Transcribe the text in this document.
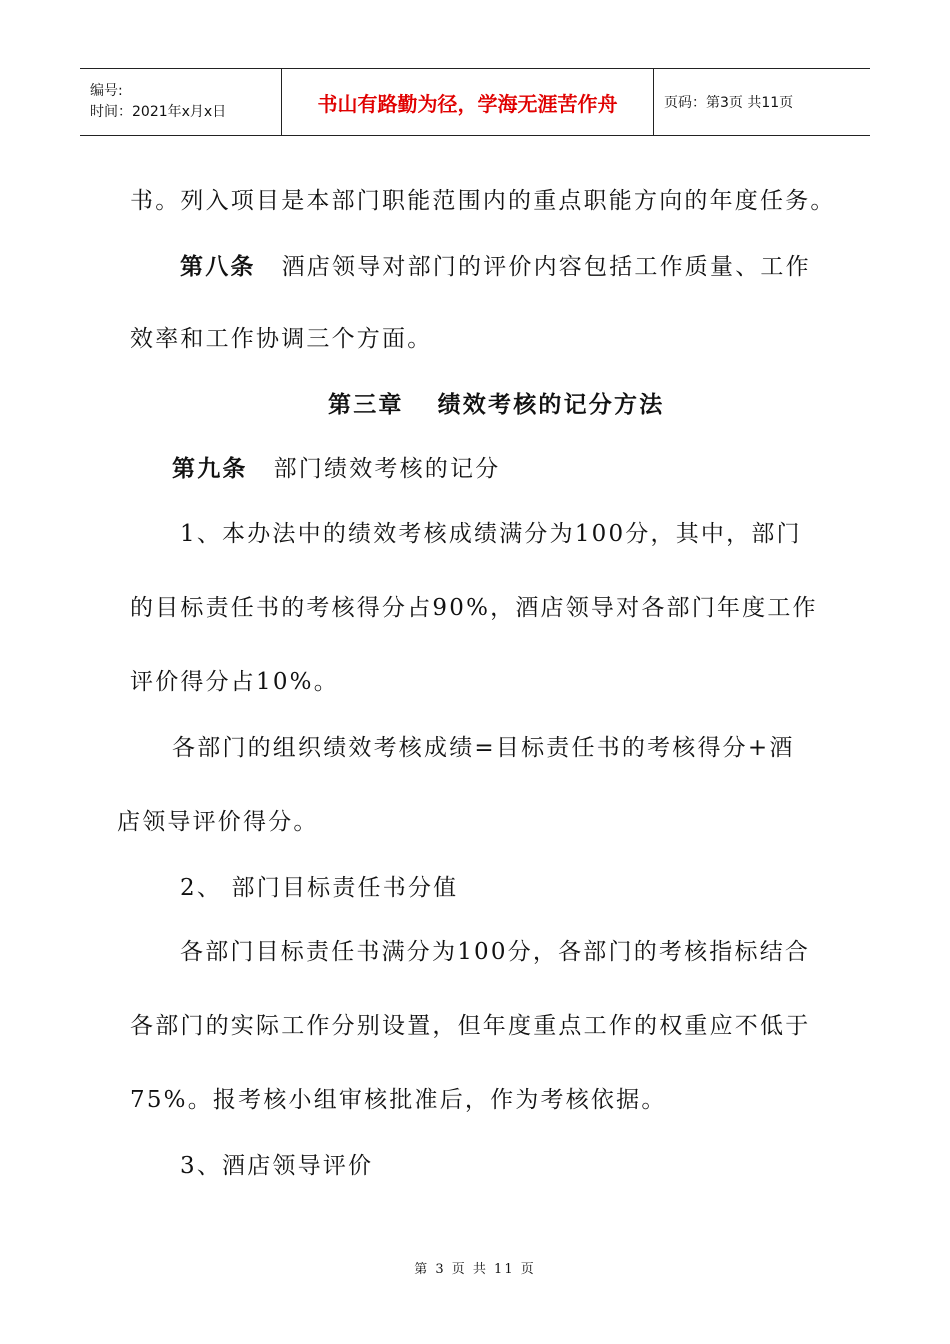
编号:
时间：2021年x月x日	书山有路勤为径，学海无涯苦作舟	页码：第3页 共11页
书。列入项目是本部门职能范围内的重点职能方向的年度任务。
第八条 酒店领导对部门的评价内容包括工作质量、工作
效率和工作协调三个方面。
第三章 绩效考核的记分方法
第九条 部门绩效考核的记分
1、本办法中的绩效考核成绩满分为100分，其中，部门
的目标责任书的考核得分占90%，酒店领导对各部门年度工作
评价得分占10%。
各部门的组织绩效考核成绩=目标责任书的考核得分+酒
店领导评价得分。
2、 部门目标责任书分值
各部门目标责任书满分为100分，各部门的考核指标结合
各部门的实际工作分别设置，但年度重点工作的权重应不低于
75%。报考核小组审核批准后，作为考核依据。
3、酒店领导评价
第 3 页 共 11 页
